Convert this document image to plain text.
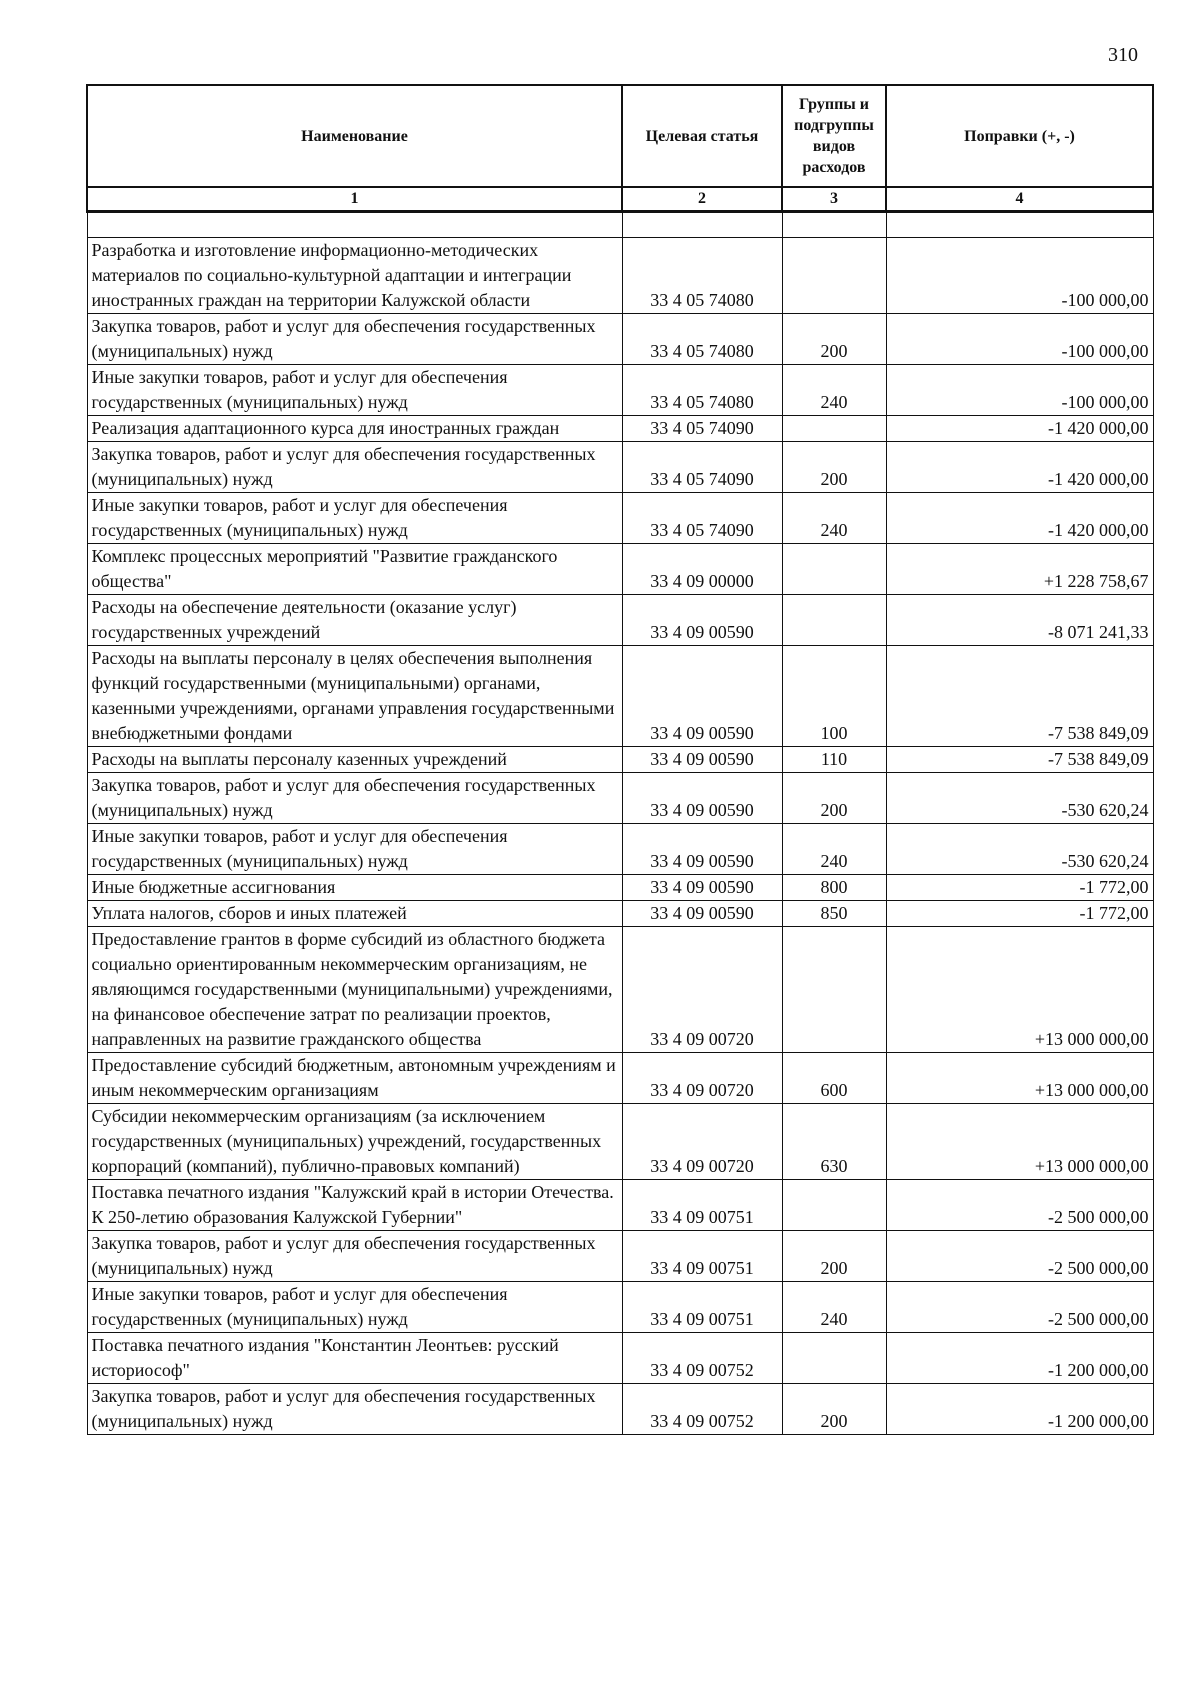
310
Наименование	Целевая статья	Группы и подгруппы видов расходов	Поправки (+, -)
1	2	3	4

Разработка и изготовление информационно-методических материалов по социально-культурной адаптации и интеграции иностранных граждан на территории Калужской области	33 4 05 74080		-100 000,00
Закупка товаров, работ и услуг для обеспечения государственных (муниципальных) нужд	33 4 05 74080	200	-100 000,00
Иные закупки товаров, работ и услуг для обеспечения государственных (муниципальных) нужд	33 4 05 74080	240	-100 000,00
Реализация адаптационного курса для иностранных граждан	33 4 05 74090		-1 420 000,00
Закупка товаров, работ и услуг для обеспечения государственных (муниципальных) нужд	33 4 05 74090	200	-1 420 000,00
Иные закупки товаров, работ и услуг для обеспечения государственных (муниципальных) нужд	33 4 05 74090	240	-1 420 000,00
Комплекс процессных мероприятий "Развитие гражданского общества"	33 4 09 00000		+1 228 758,67
Расходы на обеспечение деятельности (оказание услуг) государственных учреждений	33 4 09 00590		-8 071 241,33
Расходы на выплаты персоналу в целях обеспечения выполнения функций государственными (муниципальными) органами, казенными учреждениями, органами управления государственными внебюджетными фондами	33 4 09 00590	100	-7 538 849,09
Расходы на выплаты персоналу казенных учреждений	33 4 09 00590	110	-7 538 849,09
Закупка товаров, работ и услуг для обеспечения государственных (муниципальных) нужд	33 4 09 00590	200	-530 620,24
Иные закупки товаров, работ и услуг для обеспечения государственных (муниципальных) нужд	33 4 09 00590	240	-530 620,24
Иные бюджетные ассигнования	33 4 09 00590	800	-1 772,00
Уплата налогов, сборов и иных платежей	33 4 09 00590	850	-1 772,00
Предоставление грантов в форме субсидий из областного бюджета социально ориентированным некоммерческим организациям, не являющимся государственными (муниципальными) учреждениями, на финансовое обеспечение затрат по реализации проектов, направленных на развитие гражданского общества	33 4 09 00720		+13 000 000,00
Предоставление субсидий бюджетным, автономным учреждениям и иным некоммерческим организациям	33 4 09 00720	600	+13 000 000,00
Субсидии некоммерческим организациям (за исключением государственных (муниципальных) учреждений, государственных корпораций (компаний), публично-правовых компаний)	33 4 09 00720	630	+13 000 000,00
Поставка печатного издания "Калужский край в истории Отечества. К 250-летию образования Калужской Губернии"	33 4 09 00751		-2 500 000,00
Закупка товаров, работ и услуг для обеспечения государственных (муниципальных) нужд	33 4 09 00751	200	-2 500 000,00
Иные закупки товаров, работ и услуг для обеспечения государственных (муниципальных) нужд	33 4 09 00751	240	-2 500 000,00
Поставка печатного издания "Константин Леонтьев: русский историософ"	33 4 09 00752		-1 200 000,00
Закупка товаров, работ и услуг для обеспечения государственных (муниципальных) нужд	33 4 09 00752	200	-1 200 000,00
